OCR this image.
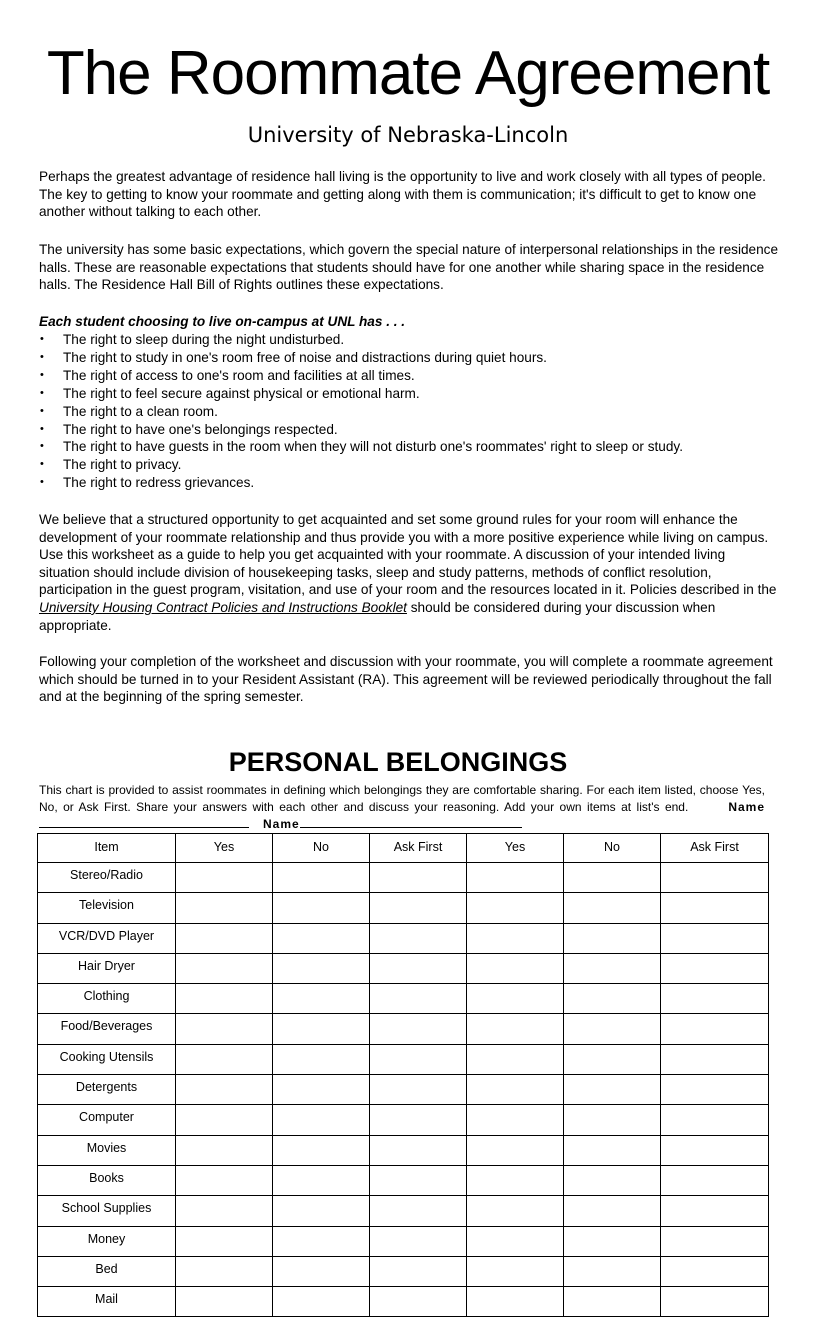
The Roommate Agreement
University of Nebraska-Lincoln

Perhaps the greatest advantage of residence hall living is the opportunity to live and work closely with all types of people. The key to getting to know your roommate and getting along with them is communication; it's difficult to get to know one another without talking to each other.

The university has some basic expectations, which govern the special nature of interpersonal relationships in the residence halls. These are reasonable expectations that students should have for one another while sharing space in the residence halls. The Residence Hall Bill of Rights outlines these expectations.

Each student choosing to live on-campus at UNL has . . .

• The right to sleep during the night undisturbed.
• The right to study in one's room free of noise and distractions during quiet hours.
• The right of access to one's room and facilities at all times.
• The right to feel secure against physical or emotional harm.
• The right to a clean room.
• The right to have one's belongings respected.
• The right to have guests in the room when they will not disturb one's roommates' right to sleep or study.
• The right to privacy.
• The right to redress grievances.

We believe that a structured opportunity to get acquainted and set some ground rules for your room will enhance the development of your roommate relationship and thus provide you with a more positive experience while living on campus. Use this worksheet as a guide to help you get acquainted with your roommate. A discussion of your intended living situation should include division of housekeeping tasks, sleep and study patterns, methods of conflict resolution, participation in the guest program, visitation, and use of your room and the resources located in it. Policies described in the University Housing Contract Policies and Instructions Booklet should be considered during your discussion when appropriate.

Following your completion of the worksheet and discussion with your roommate, you will complete a roommate agreement which should be turned in to your Resident Assistant (RA). This agreement will be reviewed periodically throughout the fall and at the beginning of the spring semester.

PERSONAL BELONGINGS

This chart is provided to assist roommates in defining which belongings they are comfortable sharing. For each item listed, choose Yes, No, or Ask First. Share your answers with each other and discuss your reasoning. Add your own items at list's end.	NameName

Item	Yes	No	Ask First	Yes	No	Ask First
Stereo/Radio						
Television						
VCR/DVD Player						
Hair Dryer						
Clothing						
Food/Beverages						
Cooking Utensils						
Detergents						
Computer						
Movies						
Books						
School Supplies						
Money						
Bed						
Mail						
